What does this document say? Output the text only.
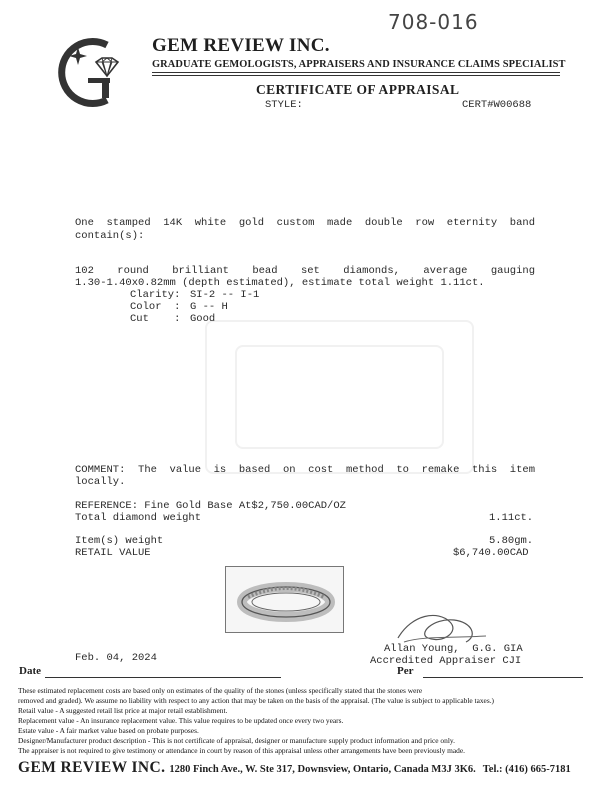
708-016
GEM REVIEW INC.
GRADUATE GEMOLOGISTS, APPRAISERS AND INSURANCE CLAIMS SPECIALIST
CERTIFICATE OF APPRAISAL
STYLE:	CERT#W00688
One stamped 14K white gold custom made double row eternity band
contain(s):
102 round brilliant bead set diamonds, average gauging
1.30-1.40x0.82mm (depth estimated), estimate total weight 1.11ct.
Clarity: SI-2 -- I-1
Color  : G -- H
Cut    : Good
COMMENT: The value is based on cost method to remake this item
locally.
REFERENCE: Fine Gold Base At$2,750.00CAD/OZ
Total diamond weight	1.11ct.
Item(s) weight	5.80gm.
RETAIL VALUE	$6,740.00CAD
Feb. 04, 2024
Allan Young,  G.G. GIA
Accredited Appraiser CJI
Date	Per
These estimated replacement costs are based only on estimates of the quality of the stones (unless specifically stated that the stones were
removed and graded). We assume no liability with respect to any action that may be taken on the basis of the appraisal. (The value is subject to applicable taxes.)
Retail value - A suggested retail list price at major retail establishment.
Replacement value - An insurance replacement value. This value requires to be updated once every two years.
Estate value - A fair market value based on probate purposes.
Designer/Manufacturer product description - This is not certificate of appraisal, designer or manufacture supply product information and price only.
The appraiser is not required to give testimony or attendance in court by reason of this appraisal unless other arrangements have been previously made.
GEM REVIEW INC. 1280 Finch Ave., W. Ste 317, Downsview, Ontario, Canada M3J 3K6. Tel.: (416) 665-7181
